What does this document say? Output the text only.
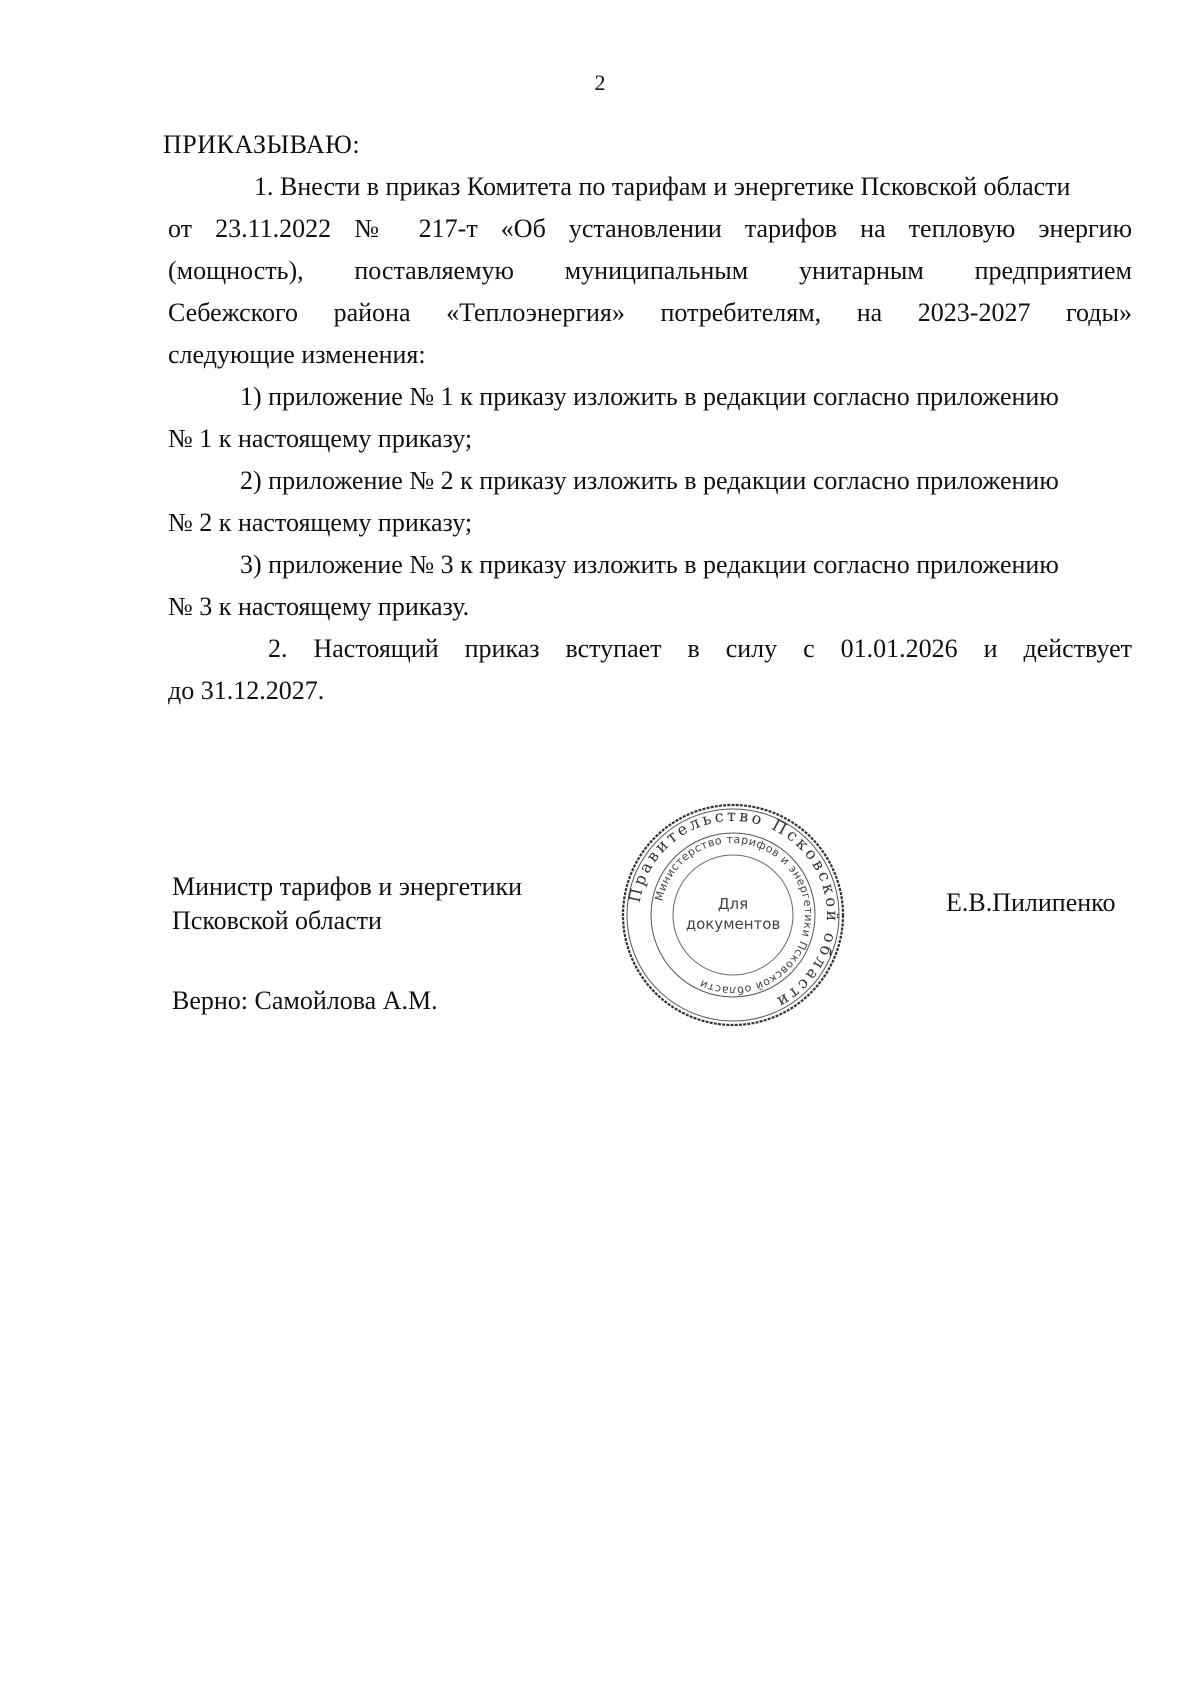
2
ПРИКАЗЫВАЮ:
1. Внести в приказ Комитета по тарифам и энергетике Псковской области
от 23.11.2022 № 217-т «Об установлении тарифов на тепловую энергию
(мощность), поставляемую муниципальным унитарным предприятием
Себежского района «Теплоэнергия» потребителям, на 2023-2027 годы»
следующие изменения:
1) приложение № 1 к приказу изложить в редакции согласно приложению
№ 1 к настоящему приказу;
2) приложение № 2 к приказу изложить в редакции согласно приложению
№ 2 к настоящему приказу;
3) приложение № 3 к приказу изложить в редакции согласно приложению
№ 3 к настоящему приказу.
2. Настоящий приказ вступает в силу с 01.01.2026 и действует
до 31.12.2027.
Министр тарифов и энергетики
Псковской области
Правительство Псковской области
Министерство тарифов и энергетики Псковской области
Для
документов
Е.В.Пилипенко
Верно: Самойлова А.М.
